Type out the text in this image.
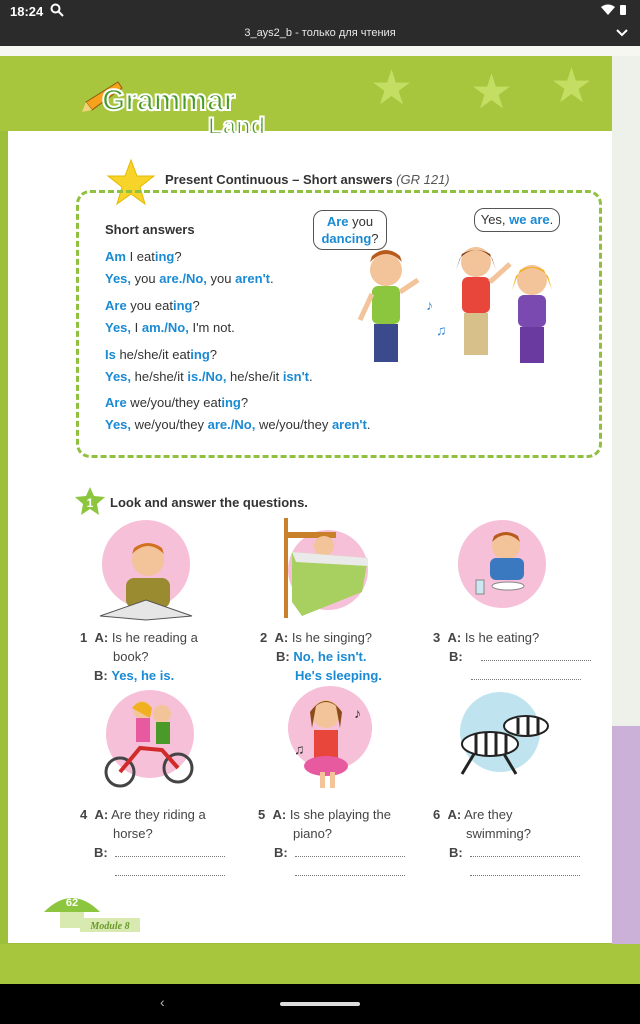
18:24
3_ays2_b - только для чтения
★ ★ ★
Grammar
Land
Present Continuous – Short answers (GR 121)
Short answers
Am I eating?
Yes, you are./No, you aren't.
Are you eating?
Yes, I am./No, I'm not.
Is he/she/it eating?
Yes, he/she/it is./No, he/she/it isn't.
Are we/you/they eating?
Yes, we/you/they are./No, we/you/they aren't.
Are you
dancing?
Yes, we are.
♪
♫
1 Look and answer the questions.
1 A: Is he reading a
book?
B: Yes, he is.
2 A: Is he singing?
B: No, he isn't.
He's sleeping.
3 A: Is he eating?
B:
♪
♫
4 A: Are they riding a
horse?
B:
5 A: Is she playing the
piano?
B:
6 A: Are they
swimming?
B:
62
Module 8
‹
